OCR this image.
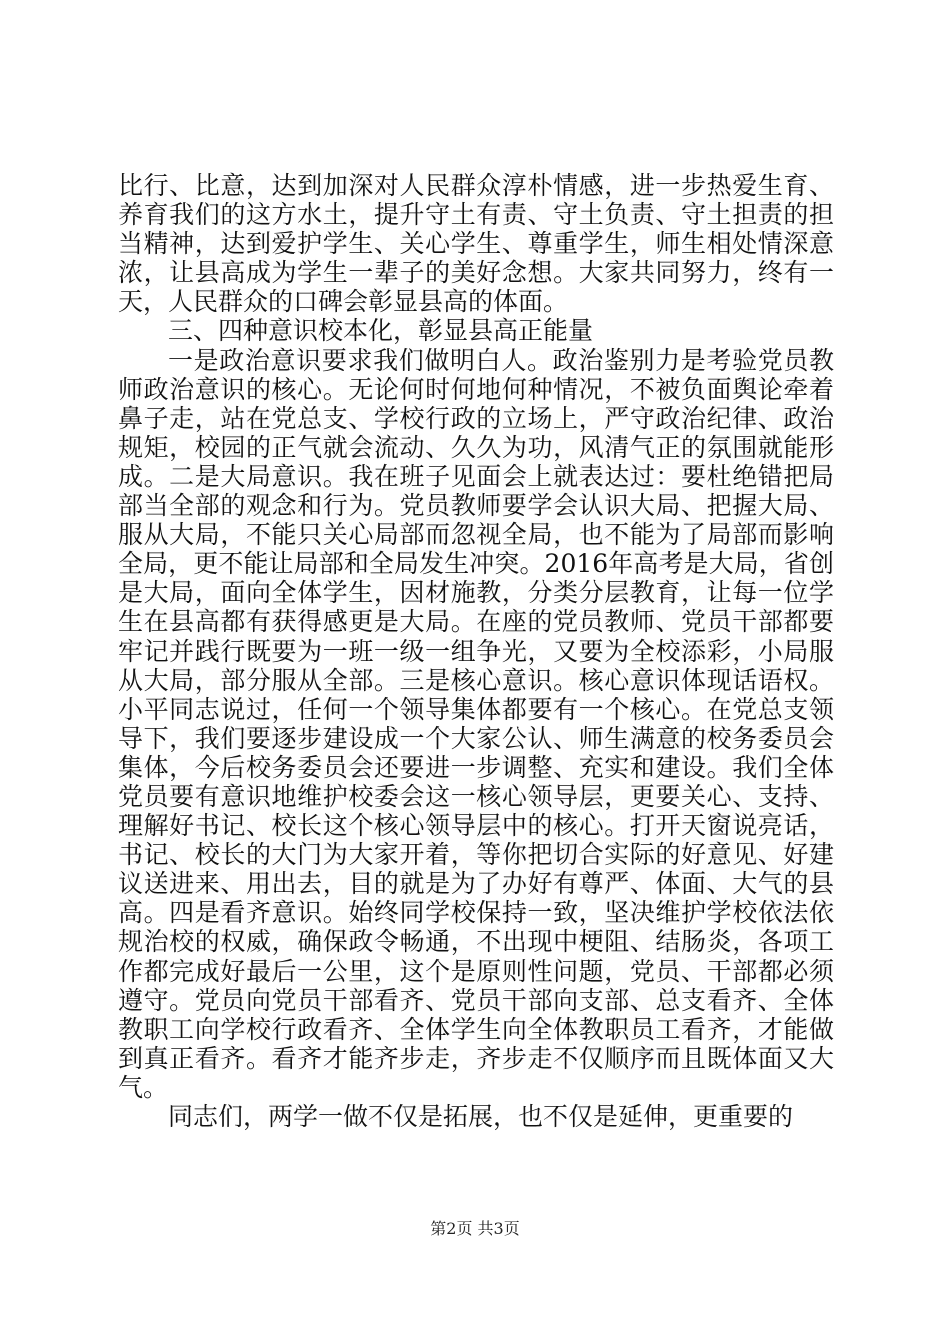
比行、比意，达到加深对人民群众淳朴情感，进一步热爱生育、养育我们的这方水土，提升守土有责、守土负责、守土担责的担当精神，达到爱护学生、关心学生、尊重学生，师生相处情深意浓，让县高成为学生一辈子的美好念想。大家共同努力，终有一天，人民群众的口碑会彰显县高的体面。

三、四种意识校本化，彰显县高正能量

一是政治意识要求我们做明白人。政治鉴别力是考验党员教师政治意识的核心。无论何时何地何种情况，不被负面舆论牵着鼻子走，站在党总支、学校行政的立场上，严守政治纪律、政治规矩，校园的正气就会流动、久久为功，风清气正的氛围就能形成。二是大局意识。我在班子见面会上就表达过：要杜绝错把局部当全部的观念和行为。党员教师要学会认识大局、把握大局、服从大局，不能只关心局部而忽视全局，也不能为了局部而影响全局，更不能让局部和全局发生冲突。2016年高考是大局，省创是大局，面向全体学生，因材施教，分类分层教育，让每一位学生在县高都有获得感更是大局。在座的党员教师、党员干部都要牢记并践行既要为一班一级一组争光，又要为全校添彩，小局服从大局，部分服从全部。三是核心意识。核心意识体现话语权。小平同志说过，任何一个领导集体都要有一个核心。在党总支领导下，我们要逐步建设成一个大家公认、师生满意的校务委员会集体，今后校务委员会还要进一步调整、充实和建设。我们全体党员要有意识地维护校委会这一核心领导层，更要关心、支持、理解好书记、校长这个核心领导层中的核心。打开天窗说亮话，书记、校长的大门为大家开着，等你把切合实际的好意见、好建议送进来、用出去，目的就是为了办好有尊严、体面、大气的县高。四是看齐意识。始终同学校保持一致，坚决维护学校依法依规治校的权威，确保政令畅通，不出现中梗阻、结肠炎，各项工作都完成好最后一公里，这个是原则性问题，党员、干部都必须遵守。党员向党员干部看齐、党员干部向支部、总支看齐、全体教职工向学校行政看齐、全体学生向全体教职员工看齐，才能做到真正看齐。看齐才能齐步走，齐步走不仅顺序而且既体面又大气。

同志们，两学一做不仅是拓展，也不仅是延伸，更重要的

第2页 共3页
